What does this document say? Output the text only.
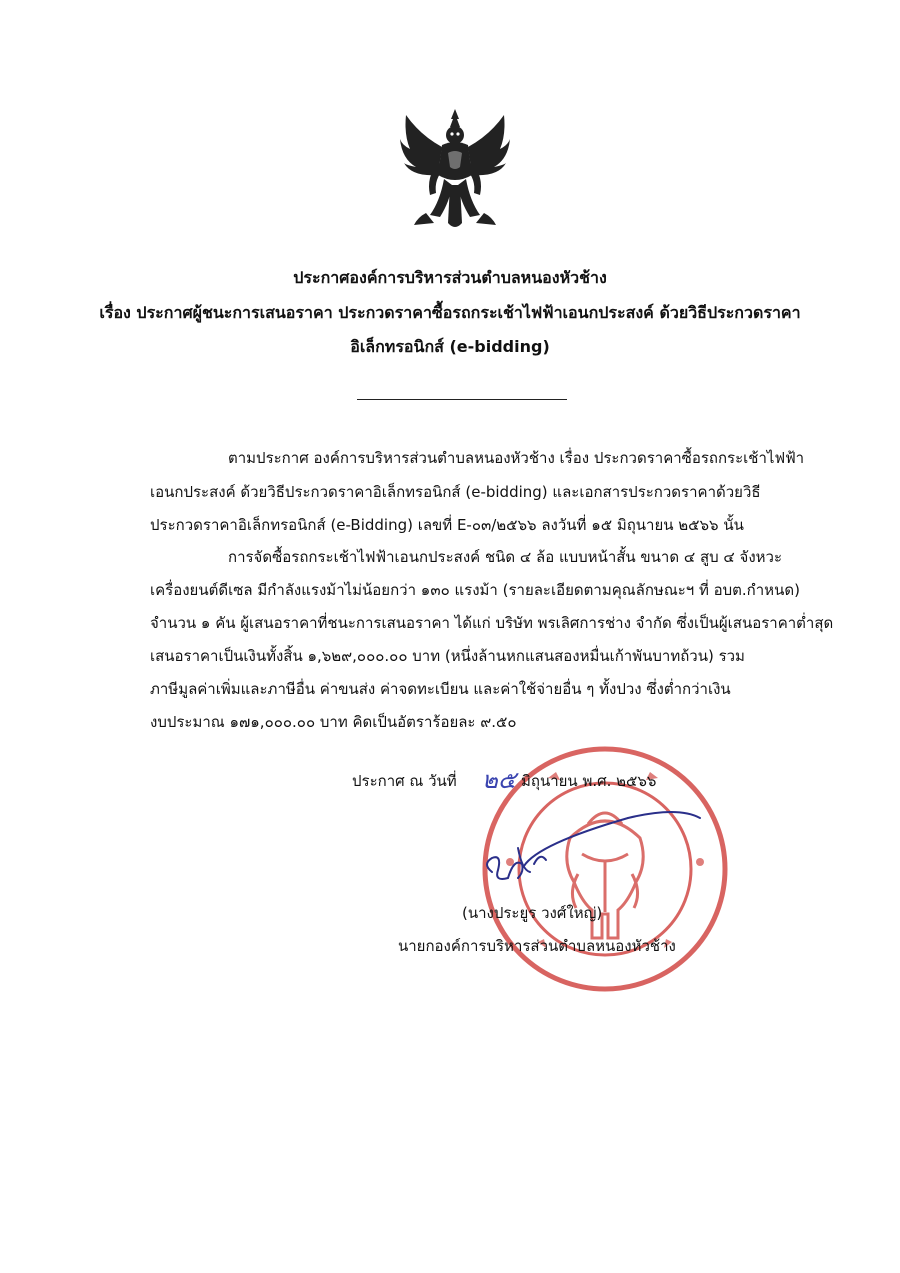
ประกาศองค์การบริหารส่วนตำบลหนองหัวช้าง
เรื่อง ประกาศผู้ชนะการเสนอราคา ประกวดราคาซื้อรถกระเช้าไฟฟ้าเอนกประสงค์ ด้วยวิธีประกวดราคา
อิเล็กทรอนิกส์ (e-bidding)
ตามประกาศ องค์การบริหารส่วนตำบลหนองหัวช้าง เรื่อง ประกวดราคาซื้อรถกระเช้าไฟฟ้า
เอนกประสงค์ ด้วยวิธีประกวดราคาอิเล็กทรอนิกส์ (e-bidding) และเอกสารประกวดราคาด้วยวิธี
ประกวดราคาอิเล็กทรอนิกส์ (e-Bidding) เลขที่ E-๐๓/๒๕๖๖ ลงวันที่ ๑๕ มิถุนายน ๒๕๖๖ นั้น
การจัดซื้อรถกระเช้าไฟฟ้าเอนกประสงค์ ชนิด ๔ ล้อ แบบหน้าสั้น ขนาด ๔ สูบ ๔ จังหวะ
เครื่องยนต์ดีเซล มีกำลังแรงม้าไม่น้อยกว่า ๑๓๐ แรงม้า (รายละเอียดตามคุณลักษณะฯ ที่ อบต.กำหนด)
จำนวน ๑ คัน ผู้เสนอราคาที่ชนะการเสนอราคา ได้แก่ บริษัท พรเลิศการช่าง จำกัด ซึ่งเป็นผู้เสนอราคาต่ำสุด
เสนอราคาเป็นเงินทั้งสิ้น ๑,๖๒๙,๐๐๐.๐๐ บาท (หนึ่งล้านหกแสนสองหมื่นเก้าพันบาทถ้วน) รวม
ภาษีมูลค่าเพิ่มและภาษีอื่น ค่าขนส่ง ค่าจดทะเบียน และค่าใช้จ่ายอื่น ๆ ทั้งปวง ซึ่งต่ำกว่าเงิน
งบประมาณ ๑๗๑,๐๐๐.๐๐ บาท คิดเป็นอัตราร้อยละ ๙.๕๐
ประกาศ ณ วันที่ ๒๕ มิถุนายน พ.ศ. ๒๕๖๖
(นางประยูร วงศ์ใหญ่)
นายกองค์การบริหารส่วนตำบลหนองหัวช้าง
